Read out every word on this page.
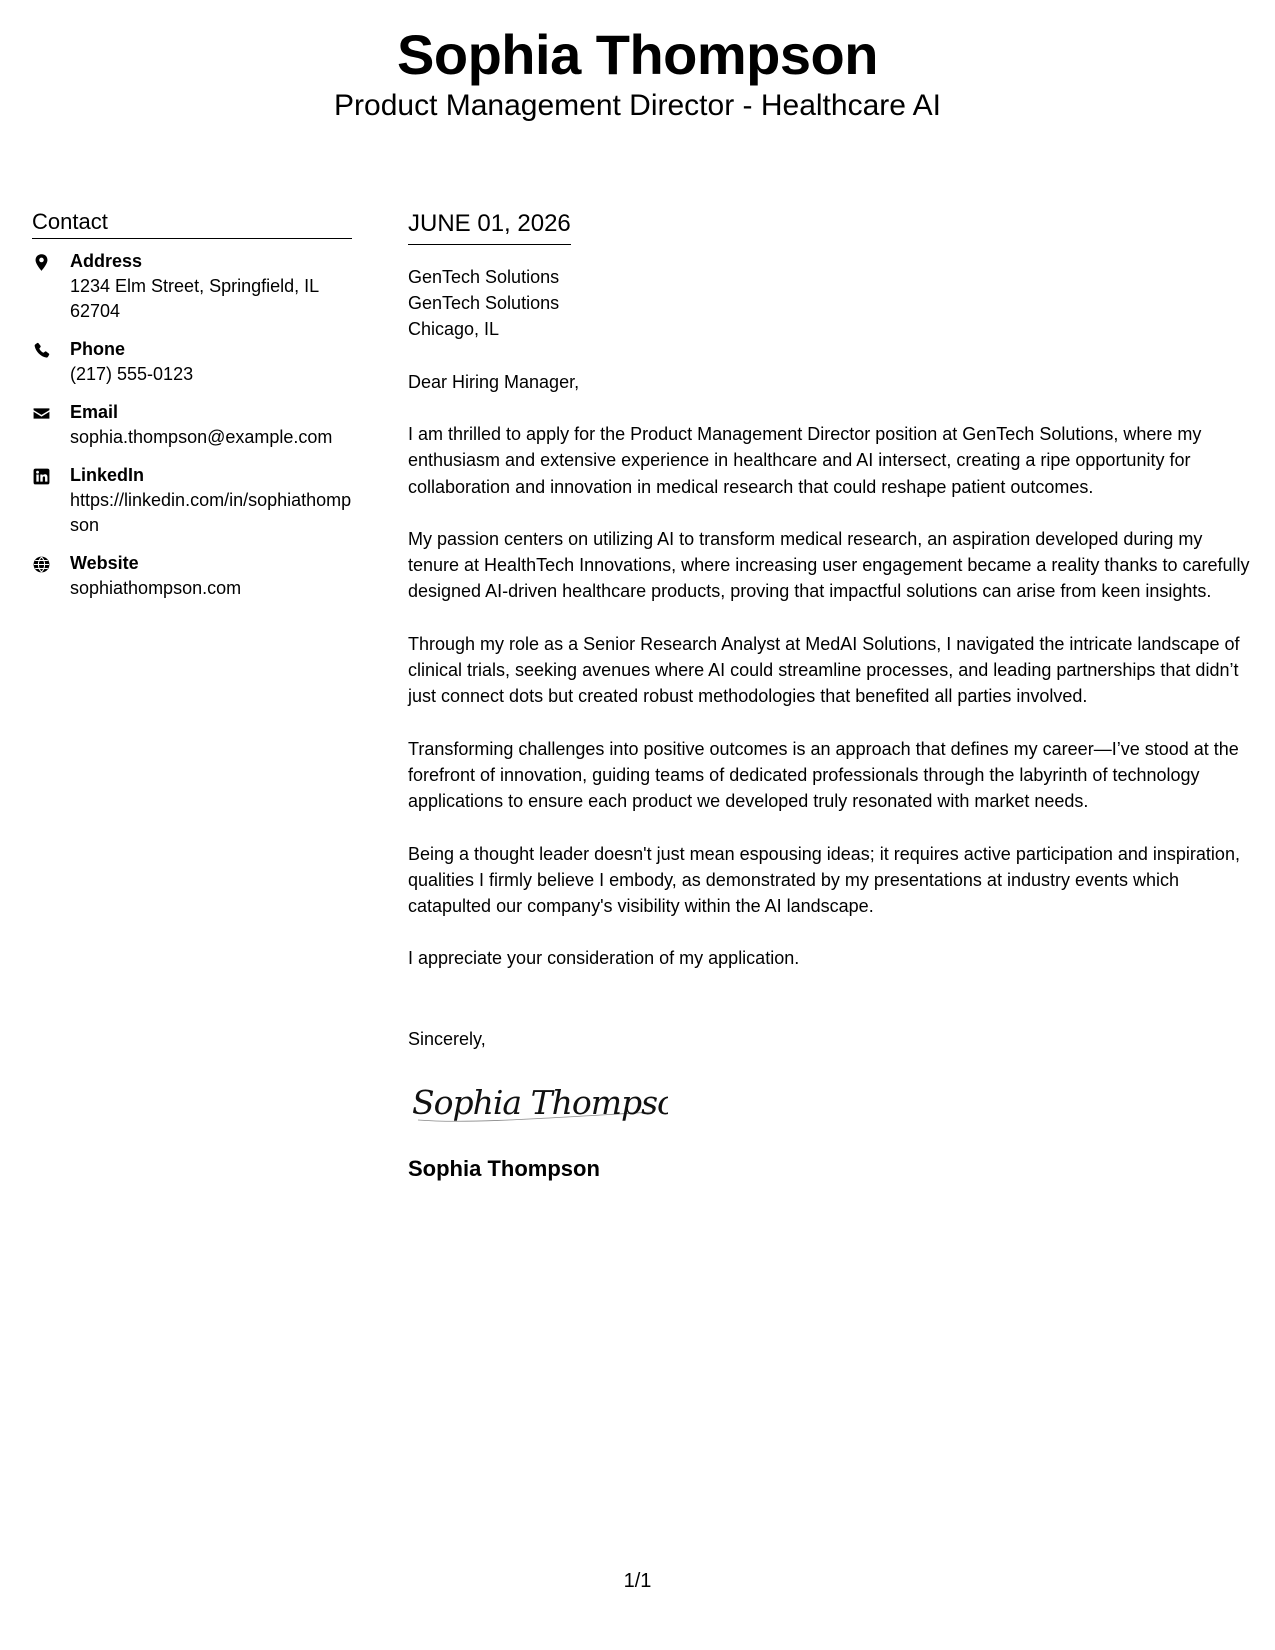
Sophia Thompson
Product Management Director - Healthcare AI
Contact
Address
1234 Elm Street, Springfield, IL 62704
Phone
(217) 555-0123
Email
sophia.thompson@example.com
LinkedIn
https://linkedin.com/in/sophiathompson
Website
sophiathompson.com
JUNE 01, 2026
GenTech Solutions
GenTech Solutions
Chicago, IL
Dear Hiring Manager,
I am thrilled to apply for the Product Management Director position at GenTech Solutions, where my enthusiasm and extensive experience in healthcare and AI intersect, creating a ripe opportunity for collaboration and innovation in medical research that could reshape patient outcomes.
My passion centers on utilizing AI to transform medical research, an aspiration developed during my tenure at HealthTech Innovations, where increasing user engagement became a reality thanks to carefully designed AI-driven healthcare products, proving that impactful solutions can arise from keen insights.
Through my role as a Senior Research Analyst at MedAI Solutions, I navigated the intricate landscape of clinical trials, seeking avenues where AI could streamline processes, and leading partnerships that didn’t just connect dots but created robust methodologies that benefited all parties involved.
Transforming challenges into positive outcomes is an approach that defines my career—I’ve stood at the forefront of innovation, guiding teams of dedicated professionals through the labyrinth of technology applications to ensure each product we developed truly resonated with market needs.
Being a thought leader doesn't just mean espousing ideas; it requires active participation and inspiration, qualities I firmly believe I embody, as demonstrated by my presentations at industry events which catapulted our company's visibility within the AI landscape.
I appreciate your consideration of my application.
Sincerely,
Sophia Thompson
Sophia Thompson
1/1
